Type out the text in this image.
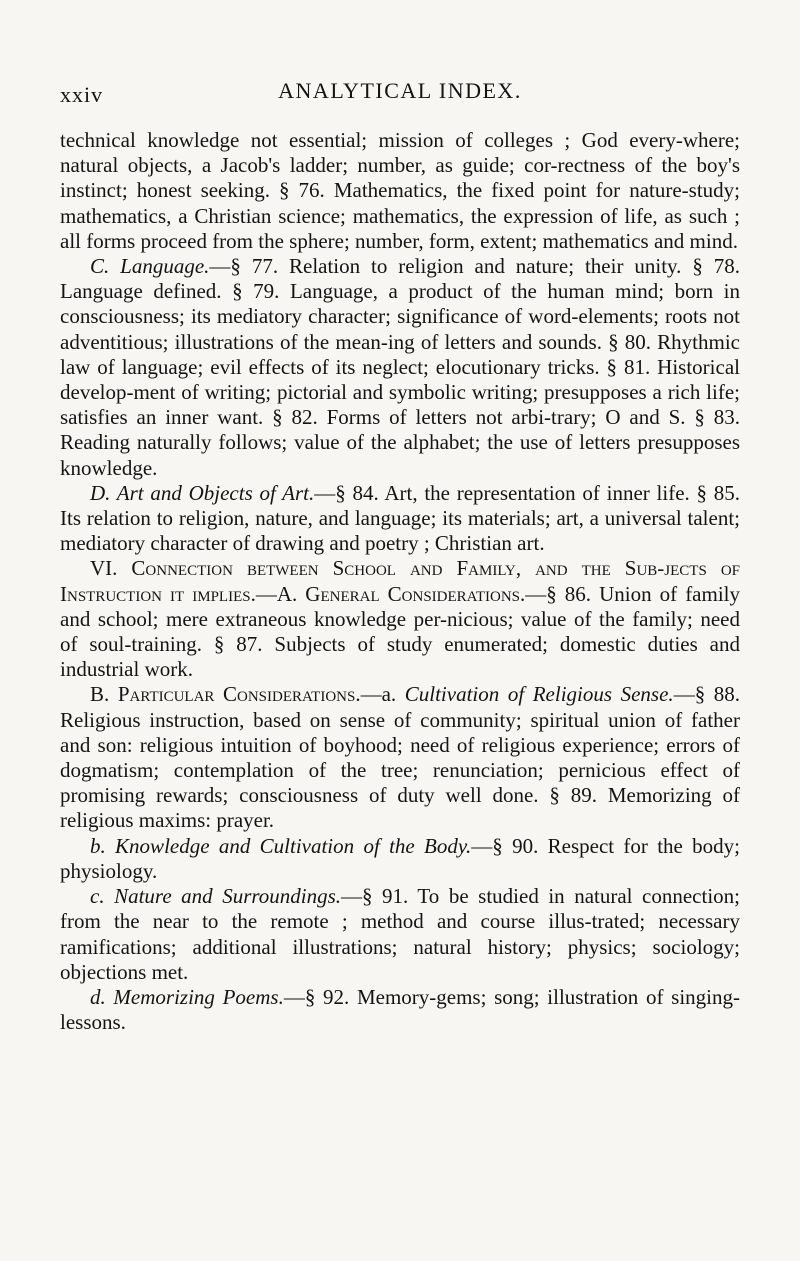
xxiv	ANALYTICAL INDEX.

technical knowledge not essential; mission of colleges ; God every-where; natural objects, a Jacob's ladder; number, as guide; cor-rectness of the boy's instinct; honest seeking. § 76. Mathematics, the fixed point for nature-study; mathematics, a Christian science; mathematics, the expression of life, as such ; all forms proceed from the sphere; number, form, extent; mathematics and mind.

C. Language.—§ 77. Relation to religion and nature; their unity. § 78. Language defined. § 79. Language, a product of the human mind; born in consciousness; its mediatory character; significance of word-elements; roots not adventitious; illustrations of the mean-ing of letters and sounds. § 80. Rhythmic law of language; evil effects of its neglect; elocutionary tricks. § 81. Historical develop-ment of writing; pictorial and symbolic writing; presupposes a rich life; satisfies an inner want. § 82. Forms of letters not arbi-trary; O and S. § 83. Reading naturally follows; value of the alphabet; the use of letters presupposes knowledge.

D. Art and Objects of Art.—§ 84. Art, the representation of inner life. § 85. Its relation to religion, nature, and language; its materials; art, a universal talent; mediatory character of drawing and poetry ; Christian art.

VI. Connection between School and Family, and the Sub-jects of Instruction it implies.—A. General Considerations.—§ 86. Union of family and school; mere extraneous knowledge per-nicious; value of the family; need of soul-training. § 87. Subjects of study enumerated; domestic duties and industrial work.

B. Particular Considerations.—a. Cultivation of Religious Sense.—§ 88. Religious instruction, based on sense of community; spiritual union of father and son: religious intuition of boyhood; need of religious experience; errors of dogmatism; contemplation of the tree; renunciation; pernicious effect of promising rewards; consciousness of duty well done. § 89. Memorizing of religious maxims: prayer.

b. Knowledge and Cultivation of the Body.—§ 90. Respect for the body; physiology.

c. Nature and Surroundings.—§ 91. To be studied in natural connection; from the near to the remote ; method and course illus-trated; necessary ramifications; additional illustrations; natural history; physics; sociology; objections met.

d. Memorizing Poems.—§ 92. Memory-gems; song; illustration of singing-lessons.
